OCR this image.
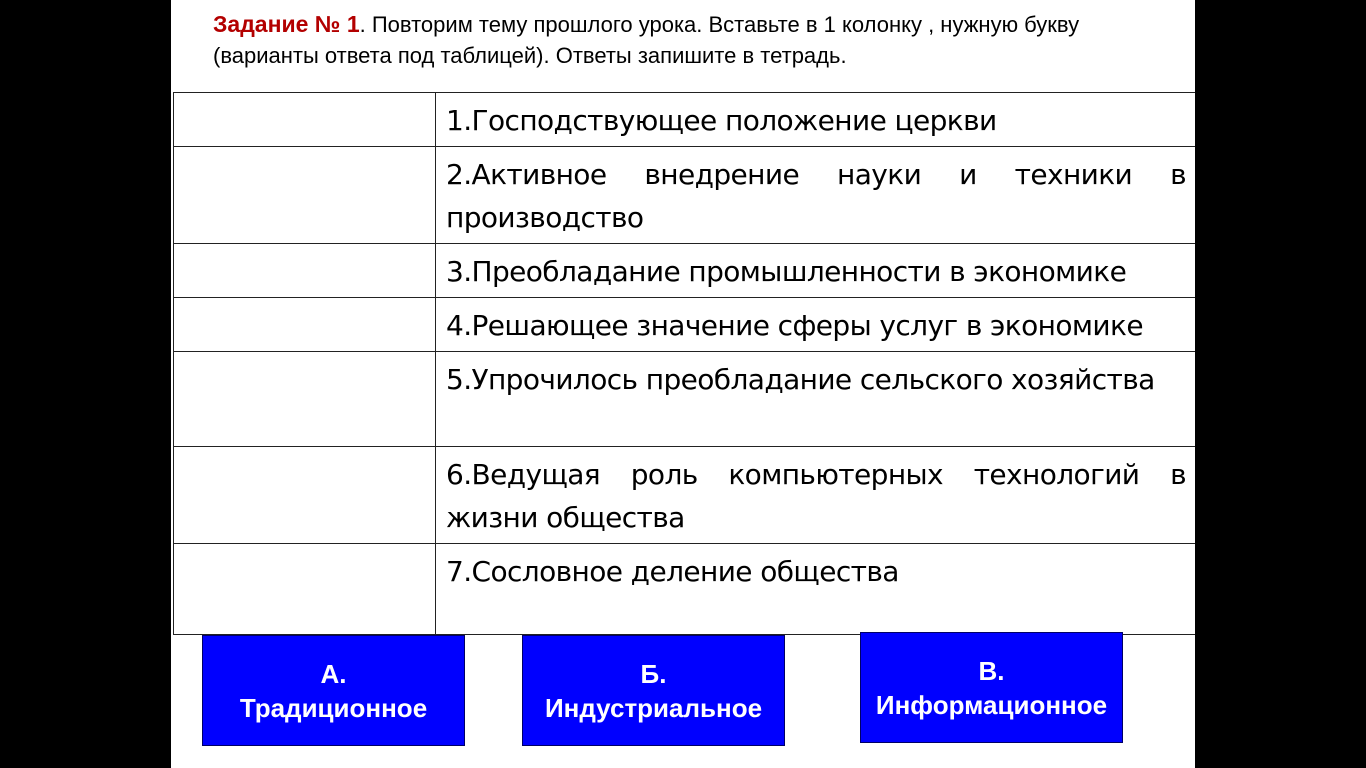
Задание № 1. Повторим тему прошлого урока. Вставьте в 1 колонку , нужную букву (варианты ответа под таблицей). Ответы запишите в тетрадь.
	1.Господствующее положение церкви
	2.Активное внедрение науки и техники в производство
	3.Преобладание промышленности в экономике
	4.Решающее значение сферы услуг в экономике
	5.Упрочилось преобладание сельского хозяйства
	6.Ведущая роль компьютерных технологий в жизни общества
	7.Сословное деление общества
А.
Традиционное
Б.
Индустриальное
В.
Информационное
